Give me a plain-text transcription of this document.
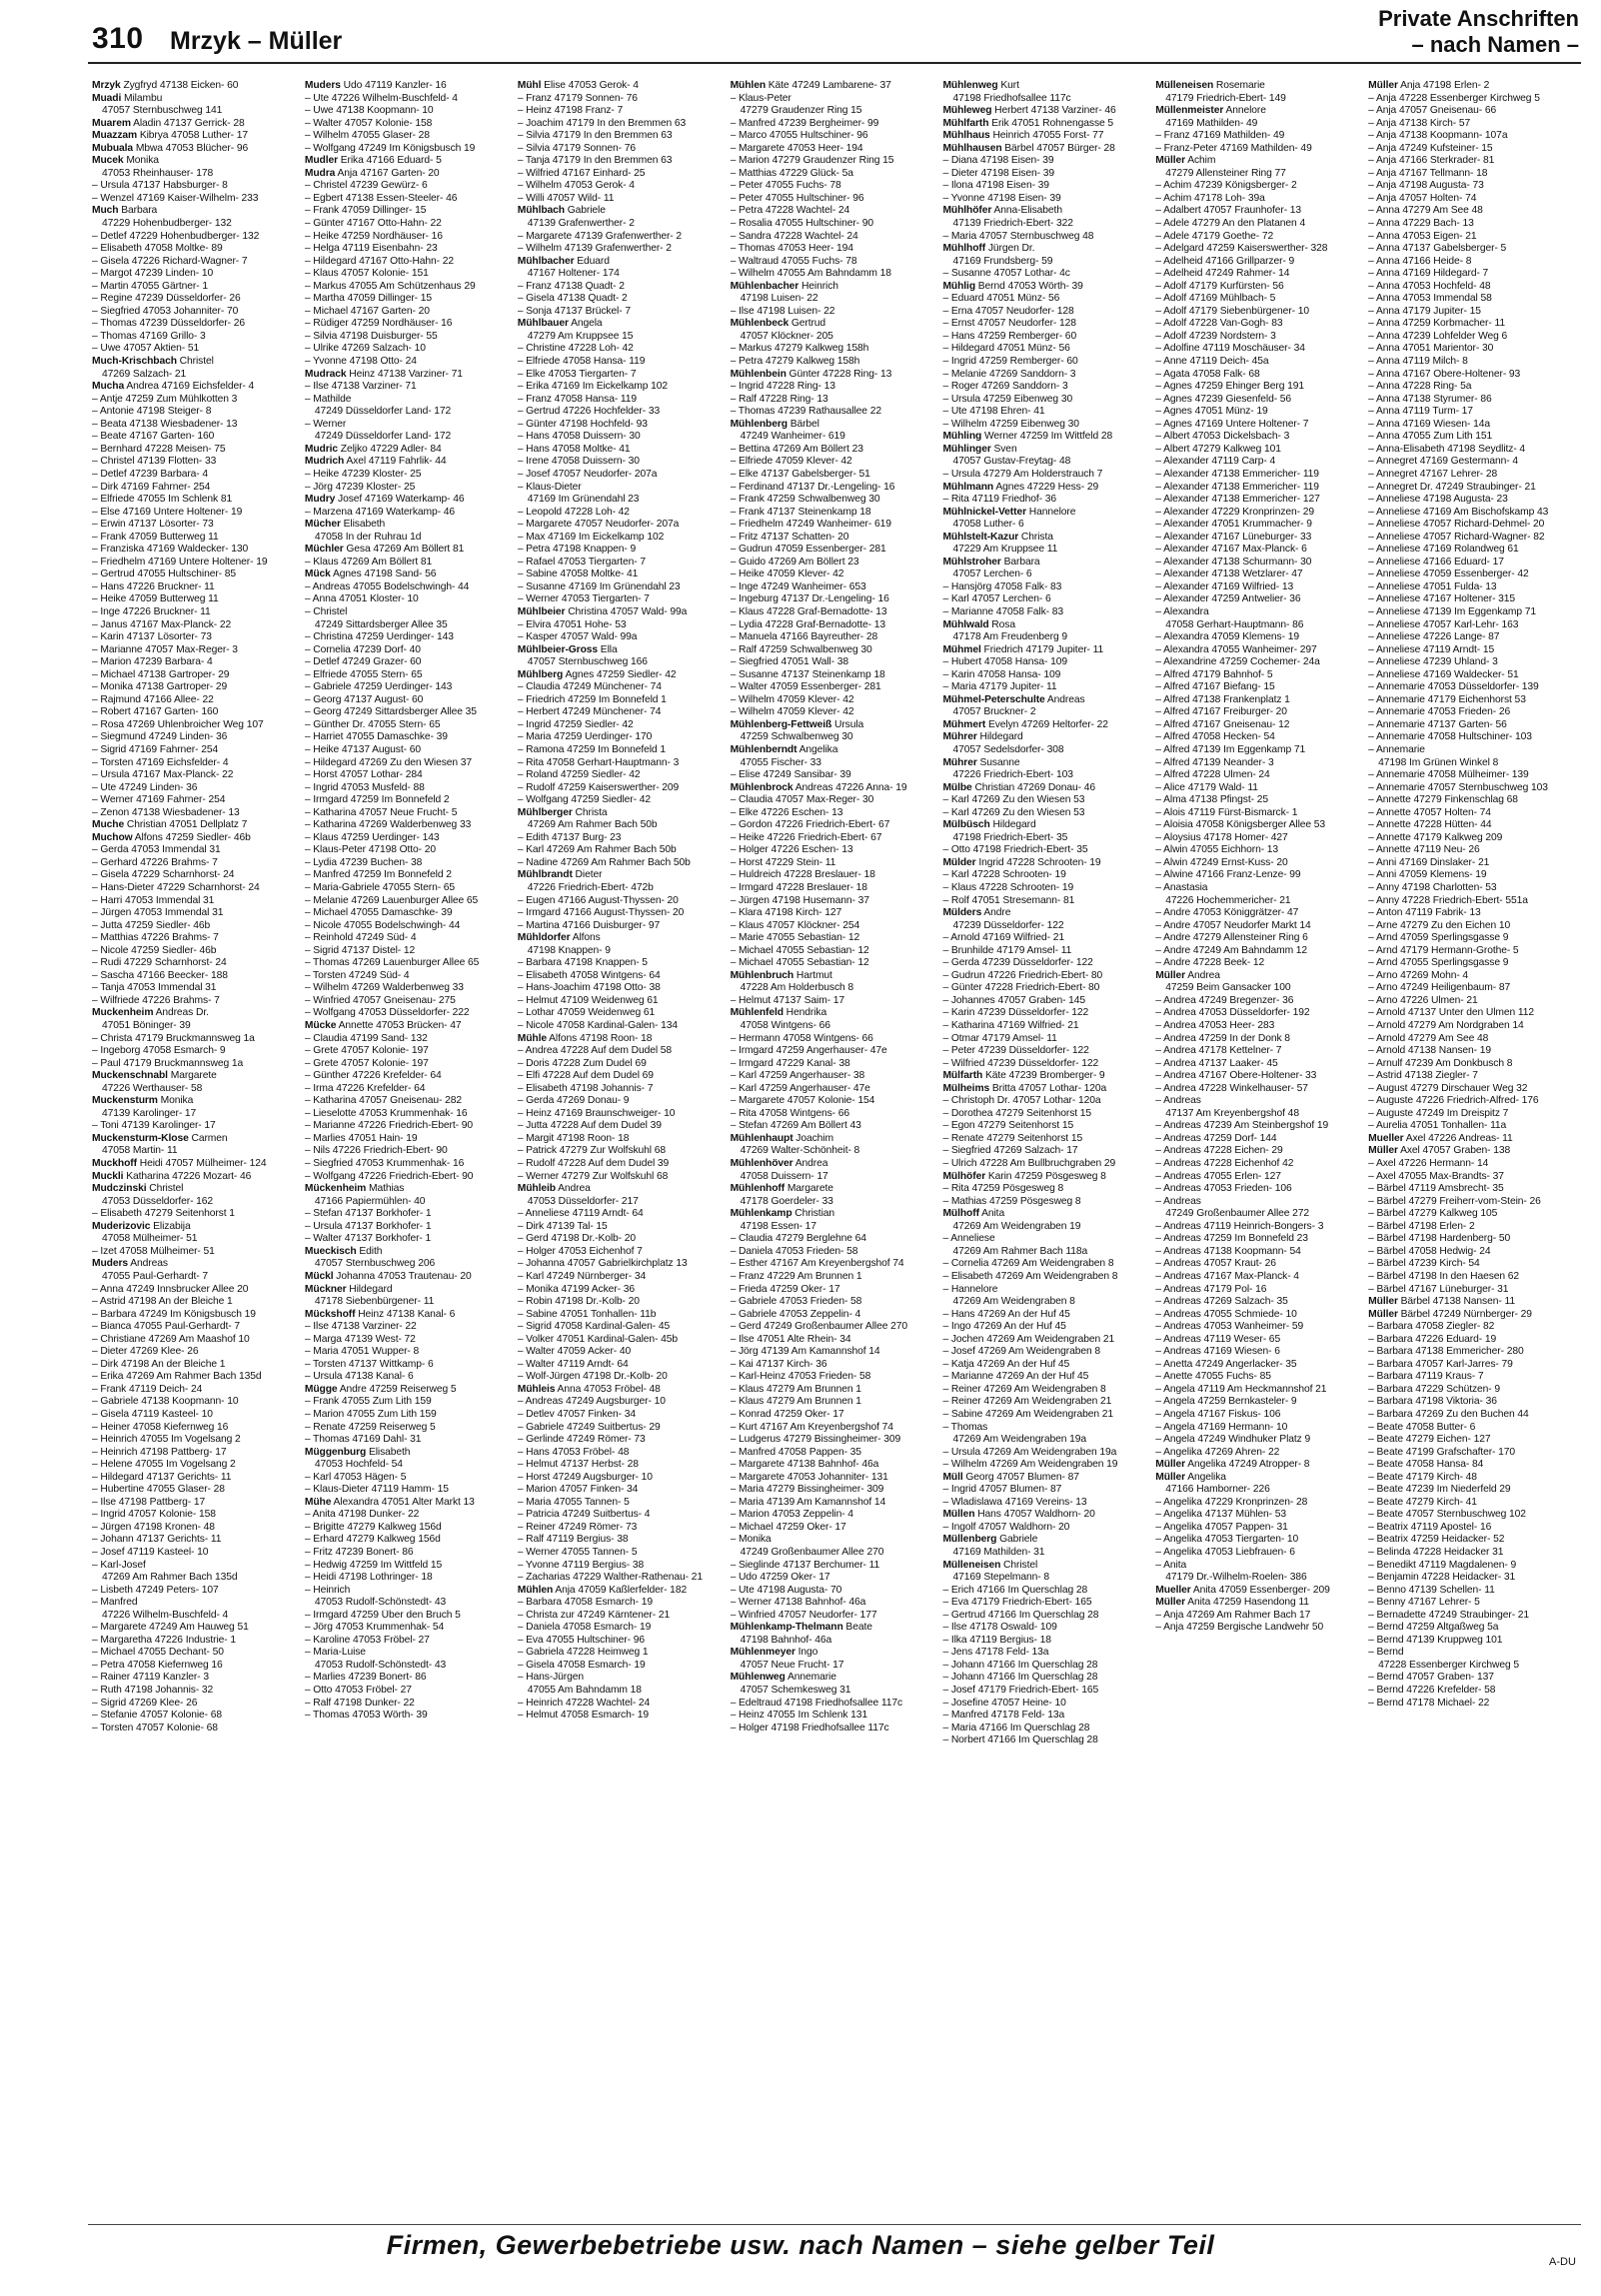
310 Mrzyk – Müller
Private Anschriften
– nach Namen –
Mrzyk Zygfryd 47138 Eicken- 60
Muadi Milambu
47057 Sternbuschweg 141
Muarem Aladin 47137 Gerrick- 28
Muazzam Kibrya 47058 Luther- 17
Mubuala Mbwa 47053 Blücher- 96
Mucek Monika
47053 Rheinhauser- 178
– Ursula 47137 Habsburger- 8
– Wenzel 47169 Kaiser-Wilhelm- 233
Much Barbara
47229 Hohenbudberger- 132
– Detlef 47229 Hohenbudberger- 132
– Elisabeth 47058 Moltke- 89
– Gisela 47226 Richard-Wagner- 7
– Margot 47239 Linden- 10
– Martin 47055 Gärtner- 1
– Regine 47239 Düsseldorfer- 26
– Siegfried 47053 Johanniter- 70
– Thomas 47239 Düsseldorfer- 26
– Thomas 47169 Grillo- 3
– Uwe 47057 Aktien- 51
Much-Krischbach Christel
47269 Salzach- 21
Mucha Andrea 47169 Eichsfelder- 4
– Antje 47259 Zum Mühlkotten 3
– Antonie 47198 Steiger- 8
– Beata 47138 Wiesbadener- 13
– Beate 47167 Garten- 160
– Bernhard 47228 Meisen- 75
– Christel 47139 Flotten- 33
– Detlef 47239 Barbara- 4
– Dirk 47169 Fahrner- 254
– Elfriede 47055 Im Schlenk 81
– Else 47169 Untere Holtener- 19
– Erwin 47137 Lösorter- 73
– Frank 47059 Butterweg 11
– Franziska 47169 Waldecker- 130
– Friedhelm 47169 Untere Holtener- 19
– Gertrud 47055 Hultschiner- 85
– Hans 47226 Bruckner- 11
– Heike 47059 Butterweg 11
– Inge 47226 Bruckner- 11
– Janus 47167 Max-Planck- 22
– Karin 47137 Lösorter- 73
– Marianne 47057 Max-Reger- 3
– Marion 47239 Barbara- 4
– Michael 47138 Gartroper- 29
– Monika 47138 Gartroper- 29
– Rajmund 47166 Allee- 22
– Robert 47167 Garten- 160
– Rosa 47269 Uhlenbroicher Weg 107
– Siegmund 47249 Linden- 36
– Sigrid 47169 Fahrner- 254
– Torsten 47169 Eichsfelder- 4
– Ursula 47167 Max-Planck- 22
– Ute 47249 Linden- 36
– Werner 47169 Fahrner- 254
– Zenon 47138 Wiesbadener- 13
Muche Christian 47051 Dellplatz 7
Muchow Alfons 47259 Siedler- 46b
– Gerda 47053 Immendal 31
– Gerhard 47226 Brahms- 7
– Gisela 47229 Scharnhorst- 24
– Hans-Dieter 47229 Scharnhorst- 24
– Harri 47053 Immendal 31
– Jürgen 47053 Immendal 31
– Jutta 47259 Siedler- 46b
– Matthias 47226 Brahms- 7
– Nicole 47259 Siedler- 46b
– Rudi 47229 Scharnhorst- 24
– Sascha 47166 Beecker- 188
– Tanja 47053 Immendal 31
– Wilfriede 47226 Brahms- 7
Muckenheim Andreas Dr.
47051 Böninger- 39
– Christa 47179 Bruckmannsweg 1a
– Ingeborg 47058 Esmarch- 9
– Paul 47179 Bruckmannsweg 1a
Muckenschnabl Margarete
47226 Werthauser- 58
Muckensturm Monika
47139 Karolinger- 17
– Toni 47139 Karolinger- 17
Muckensturm-Klose Carmen
47058 Martin- 11
Muckhoff Heidi 47057 Mülheimer- 124
Muckli Katharina 47226 Mozart- 46
Mudczinski Christel
47053 Düsseldorfer- 162
– Elisabeth 47279 Seitenhorst 1
Muderizovic Elizabija
47058 Mülheimer- 51
– Izet 47058 Mülheimer- 51
Muders Andreas
47055 Paul-Gerhardt- 7
– Anna 47249 Innsbrucker Allee 20
– Astrid 47198 An der Bleiche 1
– Barbara 47249 Im Königsbusch 19
– Bianca 47055 Paul-Gerhardt- 7
– Christiane 47269 Am Maashof 10
– Dieter 47269 Klee- 26
– Dirk 47198 An der Bleiche 1
– Erika 47269 Am Rahmer Bach 135d
– Frank 47119 Deich- 24
– Gabriele 47138 Koopmann- 10
– Gisela 47119 Kasteel- 10
– Heiner 47058 Kiefernweg 16
– Heinrich 47055 Im Vogelsang 2
– Heinrich 47198 Pattberg- 17
– Helene 47055 Im Vogelsang 2
– Hildegard 47137 Gerichts- 11
– Hubertine 47055 Glaser- 28
– Ilse 47198 Pattberg- 17
– Ingrid 47057 Kolonie- 158
– Jürgen 47198 Kronen- 48
– Johann 47137 Gerichts- 11
– Josef 47119 Kasteel- 10
– Karl-Josef
47269 Am Rahmer Bach 135d
– Lisbeth 47249 Peters- 107
– Manfred
47226 Wilhelm-Buschfeld- 4
– Margarete 47249 Am Hauweg 51
– Margaretha 47226 Industrie- 1
– Michael 47055 Dechant- 50
– Petra 47058 Kiefernweg 16
– Rainer 47119 Kanzler- 3
– Ruth 47198 Johannis- 32
– Sigrid 47269 Klee- 26
– Stefanie 47057 Kolonie- 68
– Torsten 47057 Kolonie- 68
Muders Udo 47119 Kanzler- 16
– Ute 47226 Wilhelm-Buschfeld- 4
– Uwe 47138 Koopmann- 10
– Walter 47057 Kolonie- 158
– Wilhelm 47055 Glaser- 28
– Wolfgang 47249 Im Königsbusch 19
Mudler Erika 47166 Eduard- 5
Mudra Anja 47167 Garten- 20
– Christel 47239 Gewürz- 6
– Egbert 47138 Essen-Steeler- 46
– Frank 47059 Dillinger- 15
– Günter 47167 Otto-Hahn- 22
– Heike 47259 Nordhäuser- 16
– Helga 47119 Eisenbahn- 23
– Hildegard 47167 Otto-Hahn- 22
– Klaus 47057 Kolonie- 151
– Markus 47055 Am Schützenhaus 29
– Martha 47059 Dillinger- 15
– Michael 47167 Garten- 20
– Rüdiger 47259 Nordhäuser- 16
– Silvia 47198 Duisburger- 55
– Ulrike 47269 Salzach- 10
– Yvonne 47198 Otto- 24
Mudrack Heinz 47138 Varziner- 71
– Ilse 47138 Varziner- 71
– Mathilde
47249 Düsseldorfer Land- 172
– Werner
47249 Düsseldorfer Land- 172
Mudric Zeljko 47229 Adler- 84
Mudrich Axel 47119 Fahrlik- 44
– Heike 47239 Kloster- 25
– Jörg 47239 Kloster- 25
Mudry Josef 47169 Waterkamp- 46
– Marzena 47169 Waterkamp- 46
Mücher Elisabeth
47058 In der Ruhrau 1d
Müchler Gesa 47269 Am Böllert 81
– Klaus 47269 Am Böllert 81
Mück Agnes 47198 Sand- 56
– Andreas 47055 Bodelschwingh- 44
– Anna 47051 Kloster- 10
– Christel
47249 Sittardsberger Allee 35
– Christina 47259 Uerdinger- 143
– Cornelia 47239 Dorf- 40
– Detlef 47249 Grazer- 60
– Elfriede 47055 Stern- 65
– Gabriele 47259 Uerdinger- 143
– Georg 47137 August- 60
– Georg 47249 Sittardsberger Allee 35
– Günther Dr. 47055 Stern- 65
– Harriet 47055 Damaschke- 39
– Heike 47137 August- 60
– Hildegard 47269 Zu den Wiesen 37
– Horst 47057 Lothar- 284
– Ingrid 47053 Musfeld- 88
– Irmgard 47259 Im Bonnefeld 2
– Katharina 47057 Neue Frucht- 5
– Katharina 47269 Walderbenweg 33
– Klaus 47259 Uerdinger- 143
– Klaus-Peter 47198 Otto- 20
– Lydia 47239 Buchen- 38
– Manfred 47259 Im Bonnefeld 2
– Maria-Gabriele 47055 Stern- 65
– Melanie 47269 Lauenburger Allee 65
– Michael 47055 Damaschke- 39
– Nicole 47055 Bodelschwingh- 44
– Reinhold 47249 Süd- 4
– Sigrid 47137 Distel- 12
– Thomas 47269 Lauenburger Allee 65
– Torsten 47249 Süd- 4
– Wilhelm 47269 Walderbenweg 33
– Winfried 47057 Gneisenau- 275
– Wolfgang 47053 Düsseldorfer- 222
Mücke Annette 47053 Brücken- 47
– Claudia 47199 Sand- 132
– Grete 47057 Kolonie- 197
– Grete 47057 Kolonie- 197
– Günther 47226 Krefelder- 64
– Irma 47226 Krefelder- 64
– Katharina 47057 Gneisenau- 282
– Lieselotte 47053 Krummenhak- 16
– Marianne 47226 Friedrich-Ebert- 90
– Marlies 47051 Hain- 19
– Nils 47226 Friedrich-Ebert- 90
– Siegfried 47053 Krummenhak- 16
– Wolfgang 47226 Friedrich-Ebert- 90
Mückenheim Mathias
47166 Papiermühlen- 40
– Stefan 47137 Borkhofer- 1
– Ursula 47137 Borkhofer- 1
– Walter 47137 Borkhofer- 1
Mueckisch Edith
47057 Sternbuschweg 206
Mückl Johanna 47053 Trautenau- 20
Mückner Hildegard
47178 Siebenbürgener- 11
Mückshoff Heinz 47138 Kanal- 6
– Ilse 47138 Varziner- 22
– Marga 47139 West- 72
– Maria 47051 Wupper- 8
– Torsten 47137 Wittkamp- 6
– Ursula 47138 Kanal- 6
Mügge Andre 47259 Reiserweg 5
– Frank 47055 Zum Lith 159
– Marion 47055 Zum Lith 159
– Renate 47259 Reiserweg 5
– Thomas 47169 Dahl- 31
Müggenburg Elisabeth
47053 Hochfeld- 54
– Karl 47053 Hägen- 5
– Klaus-Dieter 47119 Hamm- 15
Mühe Alexandra 47051 Alter Markt 13
– Anita 47198 Dunker- 22
– Brigitte 47279 Kalkweg 156d
– Erhard 47279 Kalkweg 156d
– Fritz 47239 Bonert- 86
– Hedwig 47259 Im Wittfeld 15
– Heidi 47198 Lothringer- 18
– Heinrich
47053 Rudolf-Schönstedt- 43
– Irmgard 47259 Über den Bruch 5
– Jörg 47053 Krummenhak- 54
– Karoline 47053 Fröbel- 27
– Maria-Luise
47053 Rudolf-Schönstedt- 43
– Marlies 47239 Bonert- 86
– Otto 47053 Fröbel- 27
– Ralf 47198 Dunker- 22
– Thomas 47053 Wörth- 39
Mühl Elise 47053 Gerok- 4
– Franz 47179 Sonnen- 76
– Heinz 47198 Franz- 7
– Joachim 47179 In den Bremmen 63
– Silvia 47179 In den Bremmen 63
– Silvia 47179 Sonnen- 76
– Tanja 47179 In den Bremmen 63
– Wilfried 47167 Einhard- 25
– Wilhelm 47053 Gerok- 4
– Willi 47057 Wild- 11
Mühlbach Gabriele
47139 Grafenwerther- 2
– Margarete 47139 Grafenwerther- 2
– Wilhelm 47139 Grafenwerther- 2
Mühlbacher Eduard
47167 Holtener- 174
– Franz 47138 Quadt- 2
– Gisela 47138 Quadt- 2
– Sonja 47137 Brückel- 7
Mühlbauer Angela
47279 Am Kruppsee 15
– Christine 47228 Loh- 42
– Elfriede 47058 Hansa- 119
– Elke 47053 Tiergarten- 7
– Erika 47169 Im Eickelkamp 102
– Franz 47058 Hansa- 119
– Gertrud 47226 Hochfelder- 33
– Günter 47198 Hochfeld- 93
– Hans 47058 Duissern- 30
– Hans 47058 Moltke- 41
– Irene 47058 Duissern- 30
– Josef 47057 Neudorfer- 207a
– Klaus-Dieter
47169 Im Grünendahl 23
– Leopold 47228 Loh- 42
– Margarete 47057 Neudorfer- 207a
– Max 47169 Im Eickelkamp 102
– Petra 47198 Knappen- 9
– Rafael 47053 Tiergarten- 7
– Sabine 47058 Moltke- 41
– Susanne 47169 Im Grünendahl 23
– Werner 47053 Tiergarten- 7
Mühlbeier Christina 47057 Wald- 99a
– Elvira 47051 Hohe- 53
– Kasper 47057 Wald- 99a
Mühlbeier-Gross Ella
47057 Sternbuschweg 166
Mühlberg Agnes 47259 Siedler- 42
– Claudia 47249 Münchener- 74
– Friedrich 47259 Im Bonnefeld 1
– Herbert 47249 Münchener- 74
– Ingrid 47259 Siedler- 42
– Maria 47259 Uerdinger- 170
– Ramona 47259 Im Bonnefeld 1
– Rita 47058 Gerhart-Hauptmann- 3
– Roland 47259 Siedler- 42
– Rudolf 47259 Kaiserswerther- 209
– Wolfgang 47259 Siedler- 42
Mühlberger Christa
47269 Am Rahmer Bach 50b
– Edith 47137 Burg- 23
– Karl 47269 Am Rahmer Bach 50b
– Nadine 47269 Am Rahmer Bach 50b
Mühlbrandt Dieter
47226 Friedrich-Ebert- 472b
– Eugen 47166 August-Thyssen- 20
– Irmgard 47166 August-Thyssen- 20
– Martina 47166 Duisburger- 97
Mühldorfer Alfons
47198 Knappen- 9
– Barbara 47198 Knappen- 5
– Elisabeth 47058 Wintgens- 64
– Hans-Joachim 47198 Otto- 38
– Helmut 47109 Weidenweg 61
– Lothar 47059 Weidenweg 61
– Nicole 47058 Kardinal-Galen- 134
Mühle Alfons 47198 Roon- 18
– Andrea 47228 Auf dem Dudel 58
– Doris 47228 Zum Dudel 69
– Elfi 47228 Auf dem Dudel 69
– Elisabeth 47198 Johannis- 7
– Gerda 47269 Donau- 9
– Heinz 47169 Braunschweiger- 10
– Jutta 47228 Auf dem Dudel 39
– Margit 47198 Roon- 18
– Patrick 47279 Zur Wolfskuhl 68
– Rudolf 47228 Auf dem Dudel 39
– Werner 47279 Zur Wolfskuhl 68
Mühleib Andrea
47053 Düsseldorfer- 217
– Anneliese 47119 Arndt- 64
– Dirk 47139 Tal- 15
– Gerd 47198 Dr.-Kolb- 20
– Holger 47053 Eichenhof 7
– Johanna 47057 Gabrielkirchplatz 13
– Karl 47249 Nürnberger- 34
– Monika 47199 Acker- 36
– Robin 47198 Dr.-Kolb- 20
– Sabine 47051 Tonhallen- 11b
– Sigrid 47058 Kardinal-Galen- 45
– Volker 47051 Kardinal-Galen- 45b
– Walter 47059 Acker- 40
– Walter 47119 Arndt- 64
– Wolf-Jürgen 47198 Dr.-Kolb- 20
Mühleis Anna 47053 Fröbel- 48
– Andreas 47249 Augsburger- 10
– Detlev 47057 Finken- 34
– Gabriele 47249 Suitbertus- 29
– Gerlinde 47249 Römer- 73
– Hans 47053 Fröbel- 48
– Helmut 47137 Herbst- 28
– Horst 47249 Augsburger- 10
– Marion 47057 Finken- 34
– Maria 47055 Tannen- 5
– Patricia 47249 Suitbertus- 4
– Reiner 47249 Römer- 73
– Ralf 47119 Bergius- 38
– Werner 47055 Tannen- 5
– Yvonne 47119 Bergius- 38
– Zacharias 47229 Walther-Rathenau- 21
Mühlen Anja 47059 Kaßlerfelder- 182
– Barbara 47058 Esmarch- 19
– Christa zur 47249 Kärntener- 21
– Daniela 47058 Esmarch- 19
– Eva 47055 Hultschiner- 96
– Gabriela 47228 Heimweg 1
– Gisela 47058 Esmarch- 19
– Hans-Jürgen
47055 Am Bahndamm 18
– Heinrich 47228 Wachtel- 24
– Helmut 47058 Esmarch- 19
Mühlen Käte 47249 Lambarene- 37
– Klaus-Peter
47279 Graudenzer Ring 15
– Manfred 47239 Bergheimer- 99
– Marco 47055 Hultschiner- 96
– Margarete 47053 Heer- 194
– Marion 47279 Graudenzer Ring 15
– Matthias 47229 Glück- 5a
– Peter 47055 Fuchs- 78
– Peter 47055 Hultschiner- 96
– Petra 47228 Wachtel- 24
– Rosalia 47055 Hultschiner- 90
– Sandra 47228 Wachtel- 24
– Thomas 47053 Heer- 194
– Waltraud 47055 Fuchs- 78
– Wilhelm 47055 Am Bahndamm 18
Mühlenbacher Heinrich
47198 Luisen- 22
– Ilse 47198 Luisen- 22
Mühlenbeck Gertrud
47057 Klöckner- 205
– Markus 47279 Kalkweg 158h
– Petra 47279 Kalkweg 158h
Mühlenbein Günter 47228 Ring- 13
– Ingrid 47228 Ring- 13
– Ralf 47228 Ring- 13
– Thomas 47239 Rathausallee 22
Mühlenberg Bärbel
47249 Wanheimer- 619
– Bettina 47269 Am Böllert 23
– Elfriede 47059 Klever- 42
– Elke 47137 Gabelsberger- 51
– Ferdinand 47137 Dr.-Lengeling- 16
– Frank 47259 Schwalbenweg 30
– Frank 47137 Steinenkamp 18
– Friedhelm 47249 Wanheimer- 619
– Fritz 47137 Schatten- 20
– Gudrun 47059 Essenberger- 281
– Guido 47269 Am Böllert 23
– Heike 47059 Klever- 42
– Inge 47249 Wanheimer- 653
– Ingeburg 47137 Dr.-Lengeling- 16
– Klaus 47228 Graf-Bernadotte- 13
– Lydia 47228 Graf-Bernadotte- 13
– Manuela 47166 Bayreuther- 28
– Ralf 47259 Schwalbenweg 30
– Siegfried 47051 Wall- 38
– Susanne 47137 Steinenkamp 18
– Walter 47059 Essenberger- 281
– Wilhelm 47059 Klever- 42
– Wilhelm 47059 Klever- 42
Mühlenberg-Fettweiß Ursula
47259 Schwalbenweg 30
Mühlenberndt Angelika
47055 Fischer- 33
– Elise 47249 Sansibar- 39
Mühlenbrock Andreas 47226 Anna- 19
– Claudia 47057 Max-Reger- 30
– Elke 47226 Eschen- 13
– Gordon 47226 Friedrich-Ebert- 67
– Heike 47226 Friedrich-Ebert- 67
– Holger 47226 Eschen- 13
– Horst 47229 Stein- 11
– Huldreich 47228 Breslauer- 18
– Irmgard 47228 Breslauer- 18
– Jürgen 47198 Husemann- 37
– Klara 47198 Kirch- 127
– Klaus 47057 Klöckner- 254
– Marie 47055 Sebastian- 12
– Michael 47055 Sebastian- 12
– Michael 47055 Sebastian- 12
Mühlenbruch Hartmut
47228 Am Holderbusch 8
– Helmut 47137 Saim- 17
Mühlenfeld Hendrika
47058 Wintgens- 66
– Hermann 47058 Wintgens- 66
– Irmgard 47259 Angerhauser- 47e
– Irmgard 47229 Kanal- 38
– Karl 47259 Angerhauser- 38
– Karl 47259 Angerhauser- 47e
– Margarete 47057 Kolonie- 154
– Rita 47058 Wintgens- 66
– Stefan 47269 Am Böllert 43
Mühlenhaupt Joachim
47269 Walter-Schönheit- 8
Mühlenhöver Andrea
47058 Duissern- 17
Mühlenhoff Margarete
47178 Goerdeler- 33
Mühlenkamp Christian
47198 Essen- 17
– Claudia 47279 Berglehne 64
– Daniela 47053 Frieden- 58
– Esther 47167 Am Kreyenbergshof 74
– Franz 47229 Am Brunnen 1
– Frieda 47259 Oker- 17
– Gabriele 47053 Frieden- 58
– Gabriele 47053 Zeppelin- 4
– Gerd 47249 Großenbaumer Allee 270
– Ilse 47051 Alte Rhein- 34
– Jörg 47139 Am Kamannshof 14
– Kai 47137 Kirch- 36
– Karl-Heinz 47053 Frieden- 58
– Klaus 47279 Am Brunnen 1
– Klaus 47279 Am Brunnen 1
– Konrad 47259 Oker- 17
– Kurt 47167 Am Kreyenbergshof 74
– Ludgerus 47279 Bissingheimer- 309
– Manfred 47058 Pappen- 35
– Margarete 47138 Bahnhof- 46a
– Margarete 47053 Johanniter- 131
– Maria 47279 Bissingheimer- 309
– Maria 47139 Am Kamannshof 14
– Marion 47053 Zeppelin- 4
– Michael 47259 Oker- 17
– Monika
47249 Großenbaumer Allee 270
– Sieglinde 47137 Berchumer- 11
– Udo 47259 Oker- 17
– Ute 47198 Augusta- 70
– Werner 47138 Bahnhof- 46a
– Winfried 47057 Neudorfer- 177
Mühlenkamp-Thelmann Beate
47198 Bahnhof- 46a
Mühlenmeyer Ingo
47057 Neue Frucht- 17
Mühlenweg Annemarie
47057 Schemkesweg 31
– Edeltraud 47198 Friedhofsallee 117c
– Heinz 47055 Im Schlenk 131
– Holger 47198 Friedhofsallee 117c
Mühlenweg Kurt
47198 Friedhofsallee 117c
Mühleweg Herbert 47138 Varziner- 46
Mühlfarth Erik 47051 Rohnengasse 5
Mühlhaus Heinrich 47055 Forst- 77
Mühlhausen Bärbel 47057 Bürger- 28
– Diana 47198 Eisen- 39
– Dieter 47198 Eisen- 39
– Ilona 47198 Eisen- 39
– Yvonne 47198 Eisen- 39
Mühlhöfer Anna-Elisabeth
47139 Friedrich-Ebert- 322
– Maria 47057 Sternbuschweg 48
Mühlhoff Jürgen Dr.
47169 Frundsberg- 59
– Susanne 47057 Lothar- 4c
Mühlig Bernd 47053 Wörth- 39
– Eduard 47051 Münz- 56
– Erna 47057 Neudorfer- 128
– Ernst 47057 Neudorfer- 128
– Hans 47259 Remberger- 60
– Hildegard 47051 Münz- 56
– Ingrid 47259 Remberger- 60
– Melanie 47269 Sanddorn- 3
– Roger 47269 Sanddorn- 3
– Ursula 47259 Eibenweg 30
– Ute 47198 Ehren- 41
– Wilhelm 47259 Eibenweg 30
Mühling Werner 47259 Im Wittfeld 28
Mühlinger Sven
47057 Gustav-Freytag- 48
– Ursula 47279 Am Holderstrauch 7
Mühlmann Agnes 47229 Hess- 29
– Rita 47119 Friedhof- 36
Mühlnickel-Vetter Hannelore
47058 Luther- 6
Mühlstelt-Kazur Christa
47229 Am Kruppsee 11
Mühlstroher Barbara
47057 Lerchen- 6
– Hansjörg 47058 Falk- 83
– Karl 47057 Lerchen- 6
– Marianne 47058 Falk- 83
Mühlwald Rosa
47178 Am Freudenberg 9
Mühmel Friedrich 47179 Jupiter- 11
– Hubert 47058 Hansa- 109
– Karin 47058 Hansa- 109
– Maria 47179 Jupiter- 11
Mühmel-Peterschulte Andreas
47057 Bruckner- 2
Mühmert Evelyn 47269 Heltorfer- 22
Mührer Hildegard
47057 Sedelsdorfer- 308
Mührer Susanne
47226 Friedrich-Ebert- 103
Mülbe Christian 47269 Donau- 46
– Karl 47269 Zu den Wiesen 53
– Karl 47269 Zu den Wiesen 53
Mülbüsch Hildegard
47198 Friedrich-Ebert- 35
– Otto 47198 Friedrich-Ebert- 35
Mülder Ingrid 47228 Schrooten- 19
– Karl 47228 Schrooten- 19
– Klaus 47228 Schrooten- 19
– Rolf 47051 Stresemann- 81
Mülders Andre
47239 Düsseldorfer- 122
– Arnold 47169 Wilfried- 21
– Brunhilde 47179 Amsel- 11
– Gerda 47239 Düsseldorfer- 122
– Gudrun 47226 Friedrich-Ebert- 80
– Günter 47228 Friedrich-Ebert- 80
– Johannes 47057 Graben- 145
– Karin 47239 Düsseldorfer- 122
– Katharina 47169 Wilfried- 21
– Otmar 47179 Amsel- 11
– Peter 47239 Düsseldorfer- 122
– Wilfried 47239 Düsseldorfer- 122
Mülfarth Käte 47239 Bromberger- 9
Mülheims Britta 47057 Lothar- 120a
– Christoph Dr. 47057 Lothar- 120a
– Dorothea 47279 Seitenhorst 15
– Egon 47279 Seitenhorst 15
– Renate 47279 Seitenhorst 15
– Siegfried 47269 Salzach- 17
– Ulrich 47228 Am Bullbruchgraben 29
Mülhöfer Karin 47259 Pösgesweg 8
– Rita 47259 Pösgesweg 8
– Mathias 47259 Pösgesweg 8
Mülhoff Anita
47269 Am Weidengraben 19
– Anneliese
47269 Am Rahmer Bach 118a
– Cornelia 47269 Am Weidengraben 8
– Elisabeth 47269 Am Weidengraben 8
– Hannelore
47269 Am Weidengraben 8
– Hans 47269 An der Huf 45
– Ingo 47269 An der Huf 45
– Jochen 47269 Am Weidengraben 21
– Josef 47269 Am Weidengraben 8
– Katja 47269 An der Huf 45
– Marianne 47269 An der Huf 45
– Reiner 47269 Am Weidengraben 8
– Reiner 47269 Am Weidengraben 21
– Sabine 47269 Am Weidengraben 21
– Thomas
47269 Am Weidengraben 19a
– Ursula 47269 Am Weidengraben 19a
– Wilhelm 47269 Am Weidengraben 19
Müll Georg 47057 Blumen- 87
– Ingrid 47057 Blumen- 87
– Wladislawa 47169 Vereins- 13
Müllen Hans 47057 Waldhorn- 20
– Ingolf 47057 Waldhorn- 20
Müllenberg Gabriele
47169 Mathilden- 31
Mülleneisen Christel
47169 Stepelmann- 8
– Erich 47166 Im Querschlag 28
– Eva 47179 Friedrich-Ebert- 165
– Gertrud 47166 Im Querschlag 28
– Ilse 47178 Oswald- 109
– Ilka 47119 Bergius- 18
– Jens 47178 Feld- 13a
– Johann 47166 Im Querschlag 28
– Johann 47166 Im Querschlag 28
– Josef 47179 Friedrich-Ebert- 165
– Josefine 47057 Heine- 10
– Manfred 47178 Feld- 13a
– Maria 47166 Im Querschlag 28
– Norbert 47166 Im Querschlag 28
Mülleneisen Rosemarie
47179 Friedrich-Ebert- 149
Müllenmeister Annelore
47169 Mathilden- 49
– Franz 47169 Mathilden- 49
– Franz-Peter 47169 Mathilden- 49
Müller Achim
47279 Allensteiner Ring 77
– Achim 47239 Königsberger- 2
– Achim 47178 Loh- 39a
– Adalbert 47057 Fraunhofer- 13
– Adele 47279 An den Platanen 4
– Adele 47179 Goethe- 72
– Adelgard 47259 Kaiserswerther- 328
– Adelheid 47166 Grillparzer- 9
– Adelheid 47249 Rahmer- 14
– Adolf 47179 Kurfürsten- 56
– Adolf 47169 Mühlbach- 5
– Adolf 47179 Siebenbürgener- 10
– Adolf 47228 Van-Gogh- 83
– Adolf 47239 Nordstern- 3
– Adolfine 47119 Moschäuser- 34
– Anne 47119 Deich- 45a
– Agata 47058 Falk- 68
– Agnes 47259 Ehinger Berg 191
– Agnes 47239 Giesenfeld- 56
– Agnes 47051 Münz- 19
– Agnes 47169 Untere Holtener- 7
– Albert 47053 Dickelsbach- 3
– Albert 47279 Kalkweg 101
– Alexander 47119 Carp- 4
– Alexander 47138 Emmericher- 119
– Alexander 47138 Emmericher- 119
– Alexander 47138 Emmericher- 127
– Alexander 47229 Kronprinzen- 29
– Alexander 47051 Krummacher- 9
– Alexander 47167 Lüneburger- 33
– Alexander 47167 Max-Planck- 6
– Alexander 47138 Schurmann- 30
– Alexander 47138 Wetzlarer- 47
– Alexander 47169 Wilfried- 13
– Alexander 47259 Antwelier- 36
– Alexandra
47058 Gerhart-Hauptmann- 86
– Alexandra 47059 Klemens- 19
– Alexandra 47055 Wanheimer- 297
– Alexandrine 47259 Cochemer- 24a
– Alfred 47179 Bahnhof- 5
– Alfred 47167 Biefang- 15
– Alfred 47138 Frankenplatz 1
– Alfred 47167 Freiburger- 20
– Alfred 47167 Gneisenau- 12
– Alfred 47058 Hecken- 54
– Alfred 47139 Im Eggenkamp 71
– Alfred 47139 Neander- 3
– Alfred 47228 Ulmen- 24
– Alice 47179 Wald- 11
– Alma 47138 Pfingst- 25
– Alois 47119 Fürst-Bismarck- 1
– Aloisia 47058 Königsberger Allee 53
– Aloysius 47178 Homer- 427
– Alwin 47055 Eichhorn- 13
– Alwin 47249 Ernst-Kuss- 20
– Alwine 47166 Franz-Lenze- 99
– Anastasia
47226 Hochemmericher- 21
– Andre 47053 Königgrätzer- 47
– Andre 47057 Neudorfer Markt 14
– Andre 47279 Allensteiner Ring 6
– Andre 47249 Am Bahndamm 12
– Andre 47228 Beek- 12
Müller Andrea
47259 Beim Gansacker 100
– Andrea 47249 Bregenzer- 36
– Andrea 47053 Düsseldorfer- 192
– Andrea 47053 Heer- 283
– Andrea 47259 In der Donk 8
– Andrea 47178 Kettelner- 7
– Andrea 47137 Laaker- 45
– Andrea 47167 Obere-Holtener- 33
– Andrea 47228 Winkelhauser- 57
– Andreas
47137 Am Kreyenbergshof 48
– Andreas 47239 Am Steinbergshof 19
– Andreas 47259 Dorf- 144
– Andreas 47228 Eichen- 29
– Andreas 47228 Eichenhof 42
– Andreas 47055 Erlen- 127
– Andreas 47053 Frieden- 106
– Andreas
47249 Großenbaumer Allee 272
– Andreas 47119 Heinrich-Bongers- 3
– Andreas 47259 Im Bonnefeld 23
– Andreas 47138 Koopmann- 54
– Andreas 47057 Kraut- 26
– Andreas 47167 Max-Planck- 4
– Andreas 47179 Pol- 16
– Andreas 47269 Salzach- 35
– Andreas 47055 Schmiede- 10
– Andreas 47053 Wanheimer- 59
– Andreas 47119 Weser- 65
– Andreas 47169 Wiesen- 6
– Anetta 47249 Angerlacker- 35
– Anette 47055 Fuchs- 85
– Angela 47119 Am Heckmannshof 21
– Angela 47259 Bernkasteler- 9
– Angela 47167 Fiskus- 106
– Angela 47169 Hermann- 10
– Angela 47249 Windhuker Platz 9
– Angelika 47269 Ahren- 22
Müller Angelika 47249 Atropper- 8
Müller Angelika
47166 Hamborner- 226
– Angelika 47229 Kronprinzen- 28
– Angelika 47137 Mühlen- 53
– Angelika 47057 Pappen- 31
– Angelika 47053 Tiergarten- 10
– Angelika 47053 Liebfrauen- 6
– Anita
47179 Dr.-Wilhelm-Roelen- 386
Mueller Anita 47059 Essenberger- 209
Müller Anita 47259 Hasendong 11
– Anja 47269 Am Rahmer Bach 17
– Anja 47259 Bergische Landwehr 50
Müller Anja 47198 Erlen- 2
– Anja 47228 Essenberger Kirchweg 5
– Anja 47057 Gneisenau- 66
– Anja 47138 Kirch- 57
– Anja 47138 Koopmann- 107a
– Anja 47249 Kufsteiner- 15
– Anja 47166 Sterkrader- 81
– Anja 47167 Tellmann- 18
– Anja 47198 Augusta- 73
– Anja 47057 Holten- 74
– Anna 47279 Am See 48
– Anna 47229 Bach- 13
– Anna 47053 Eigen- 21
– Anna 47137 Gabelsberger- 5
– Anna 47166 Heide- 8
– Anna 47169 Hildegard- 7
– Anna 47053 Hochfeld- 48
– Anna 47053 Immendal 58
– Anna 47179 Jupiter- 15
– Anna 47259 Korbmacher- 11
– Anna 47239 Lohfelder Weg 6
– Anna 47051 Marientor- 30
– Anna 47119 Milch- 8
– Anna 47167 Obere-Holtener- 93
– Anna 47228 Ring- 5a
– Anna 47138 Styrumer- 86
– Anna 47119 Turm- 17
– Anna 47169 Wiesen- 14a
– Anna 47055 Zum Lith 151
– Anna-Elisabeth 47198 Seydlitz- 4
– Annegret 47169 Gestermann- 4
– Annegret 47167 Lehrer- 28
– Annegret Dr. 47249 Straubinger- 21
– Anneliese 47198 Augusta- 23
– Anneliese 47169 Am Bischofskamp 43
– Anneliese 47057 Richard-Dehmel- 20
– Anneliese 47057 Richard-Wagner- 82
– Anneliese 47169 Rolandweg 61
– Anneliese 47166 Eduard- 17
– Anneliese 47059 Essenberger- 42
– Anneliese 47051 Fulda- 13
– Anneliese 47167 Holtener- 315
– Anneliese 47139 Im Eggenkamp 71
– Anneliese 47057 Karl-Lehr- 163
– Anneliese 47226 Lange- 87
– Anneliese 47119 Arndt- 15
– Anneliese 47239 Uhland- 3
– Anneliese 47169 Waldecker- 51
– Annemarie 47053 Düsseldorfer- 139
– Annemarie 47179 Eichenhorst 53
– Annemarie 47053 Frieden- 26
– Annemarie 47137 Garten- 56
– Annemarie 47058 Hultschiner- 103
– Annemarie
47198 Im Grünen Winkel 8
– Annemarie 47058 Mülheimer- 139
– Annemarie 47057 Sternbuschweg 103
– Annette 47279 Finkenschlag 68
– Annette 47057 Holten- 74
– Annette 47228 Hütten- 44
– Annette 47179 Kalkweg 209
– Annette 47119 Neu- 26
– Anni 47169 Dinslaker- 21
– Anni 47059 Klemens- 19
– Anny 47198 Charlotten- 53
– Anny 47228 Friedrich-Ebert- 551a
– Anton 47119 Fabrik- 13
– Arne 47279 Zu den Eichen 10
– Arnd 47059 Sperlingsgasse 9
– Arnd 47179 Hermann-Grothe- 5
– Arnd 47055 Sperlingsgasse 9
– Arno 47269 Mohn- 4
– Arno 47249 Heiligenbaum- 87
– Arno 47226 Ulmen- 21
– Arnold 47137 Unter den Ulmen 112
– Arnold 47279 Am Nordgraben 14
– Arnold 47279 Am See 48
– Arnold 47138 Nansen- 19
– Arnulf 47239 Am Donkbusch 8
– Astrid 47138 Ziegler- 7
– August 47279 Dirschauer Weg 32
– Auguste 47226 Friedrich-Alfred- 176
– Auguste 47249 Im Dreispitz 7
– Aurelia 47051 Tonhallen- 11a
Mueller Axel 47226 Andreas- 11
Müller Axel 47057 Graben- 138
– Axel 47226 Hermann- 14
– Axel 47055 Max-Brandts- 37
– Bärbel 47119 Amsbrecht- 35
– Bärbel 47279 Freiherr-vom-Stein- 26
– Bärbel 47279 Kalkweg 105
– Bärbel 47198 Erlen- 2
– Bärbel 47198 Hardenberg- 50
– Bärbel 47058 Hedwig- 24
– Bärbel 47239 Kirch- 54
– Bärbel 47198 In den Haesen 62
– Bärbel 47167 Lüneburger- 31
Müller Bärbel 47138 Nansen- 11
Müller Bärbel 47249 Nürnberger- 29
– Barbara 47058 Ziegler- 82
– Barbara 47226 Eduard- 19
– Barbara 47138 Emmericher- 280
– Barbara 47057 Karl-Jarres- 79
– Barbara 47119 Kraus- 7
– Barbara 47229 Schützen- 9
– Barbara 47198 Viktoria- 36
– Barbara 47269 Zu den Buchen 44
– Beate 47058 Butter- 6
– Beate 47279 Eichen- 127
– Beate 47199 Grafschafter- 170
– Beate 47058 Hansa- 84
– Beate 47179 Kirch- 48
– Beate 47239 Im Niederfeld 29
– Beate 47279 Kirch- 41
– Beate 47057 Sternbuschweg 102
– Beatrix 47119 Apostel- 16
– Beatrix 47259 Heidacker- 52
– Belinda 47228 Heidacker 31
– Benedikt 47119 Magdalenen- 9
– Benjamin 47228 Heidacker- 31
– Benno 47139 Schellen- 11
– Benny 47167 Lehrer- 5
– Bernadette 47249 Straubinger- 21
– Bernd 47259 Altgaßweg 5a
– Bernd 47139 Kruppweg 101
– Bernd
47228 Essenberger Kirchweg 5
– Bernd 47057 Graben- 137
– Bernd 47226 Krefelder- 58
– Bernd 47178 Michael- 22
Firmen, Gewerbebetriebe usw. nach Namen – siehe gelber Teil
A-DU
